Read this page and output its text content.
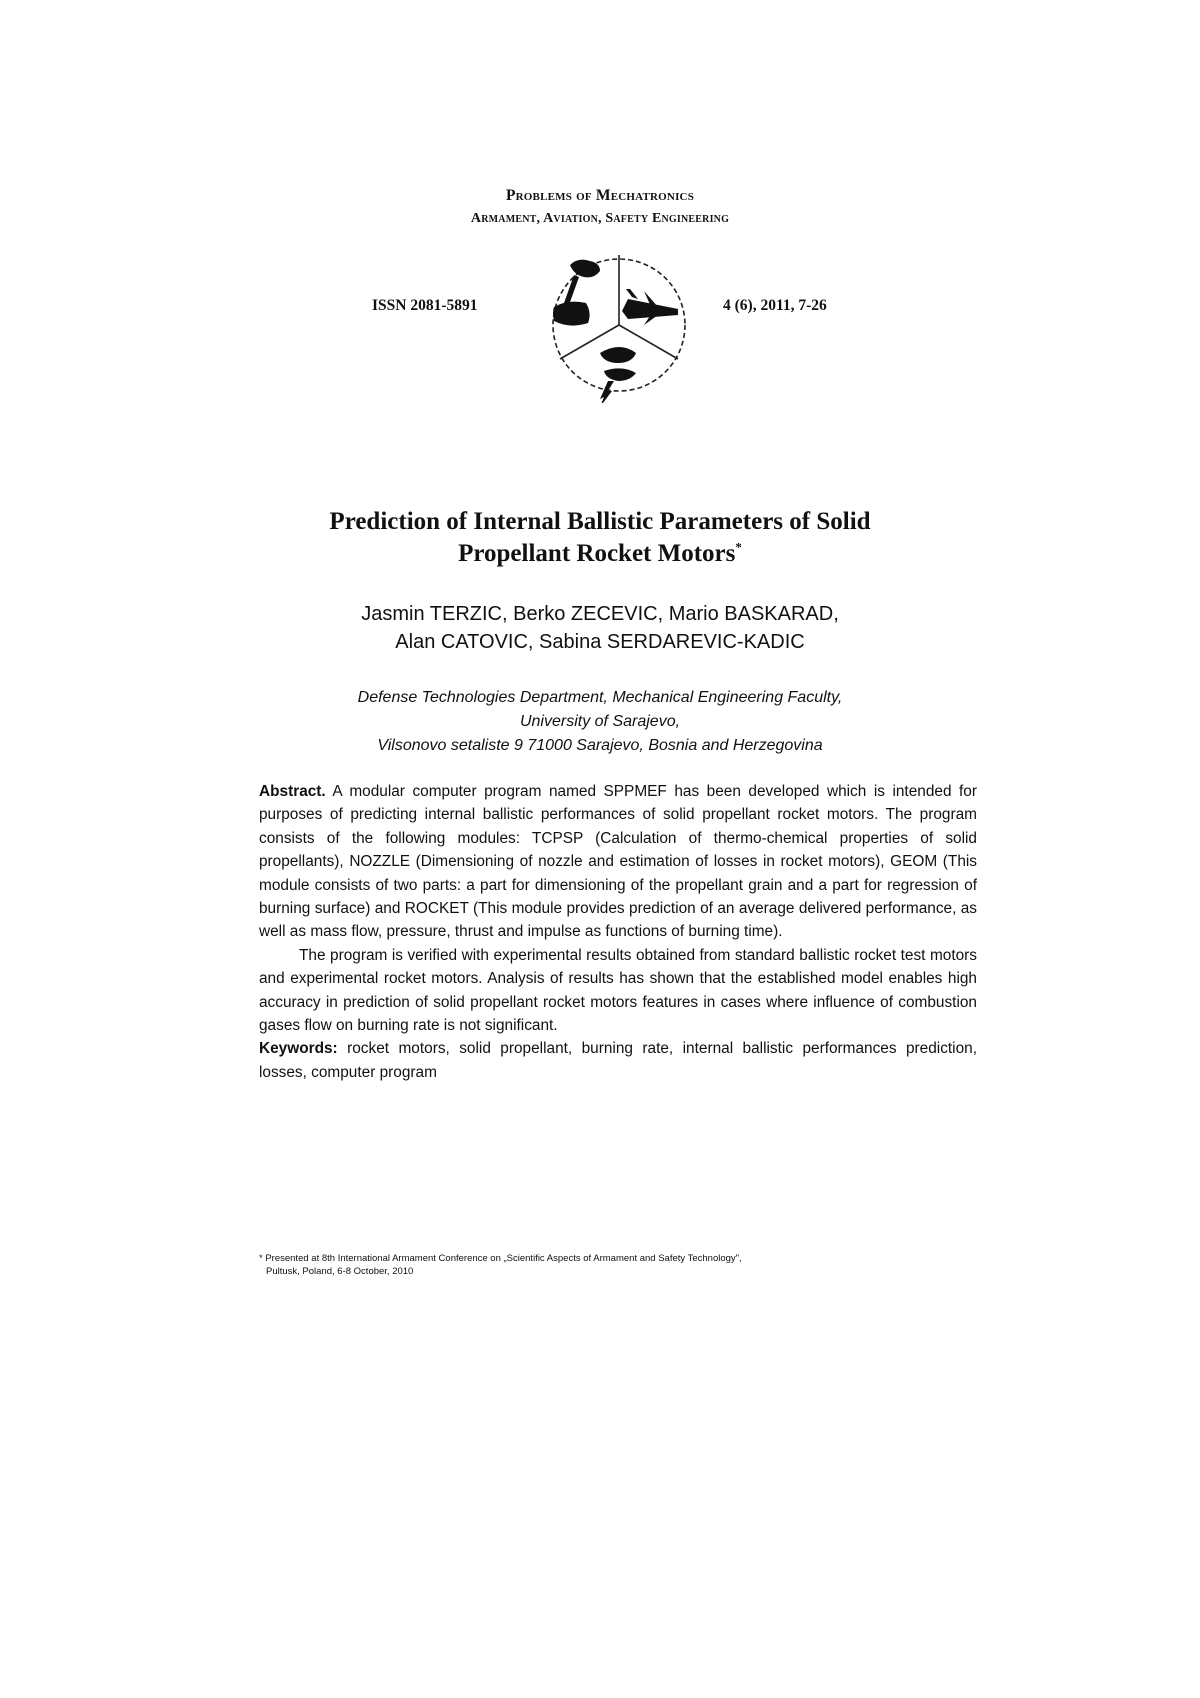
Problems of Mechatronics
Armament, Aviation, Safety Engineering
ISSN 2081-5891	4 (6), 2011, 7-26
Prediction of Internal Ballistic Parameters of Solid
Propellant Rocket Motors*
Jasmin TERZIC, Berko ZECEVIC, Mario BASKARAD,
Alan CATOVIC, Sabina SERDAREVIC-KADIC
Defense Technologies Department, Mechanical Engineering Faculty,
University of Sarajevo,
Vilsonovo setaliste 9 71000 Sarajevo, Bosnia and Herzegovina

Abstract. A modular computer program named SPPMEF has been developed which is intended for purposes of predicting internal ballistic performances of solid propellant rocket motors. The program consists of the following modules: TCPSP (Calculation of thermo-chemical properties of solid propellants), NOZZLE (Dimensioning of nozzle and estimation of losses in rocket motors), GEOM (This module consists of two parts: a part for dimensioning of the propellant grain and a part for regression of burning surface) and ROCKET (This module provides prediction of an average delivered performance, as well as mass flow, pressure, thrust and impulse as functions of burning time).

The program is verified with experimental results obtained from standard ballistic rocket test motors and experimental rocket motors. Analysis of results has shown that the established model enables high accuracy in prediction of solid propellant rocket motors features in cases where influence of combustion gases flow on burning rate is not significant.

Keywords: rocket motors, solid propellant, burning rate, internal ballistic performances prediction, losses, computer program

* Presented at 8th International Armament Conference on „Scientific Aspects of Armament and Safety Technology",
Pultusk, Poland, 6-8 October, 2010
